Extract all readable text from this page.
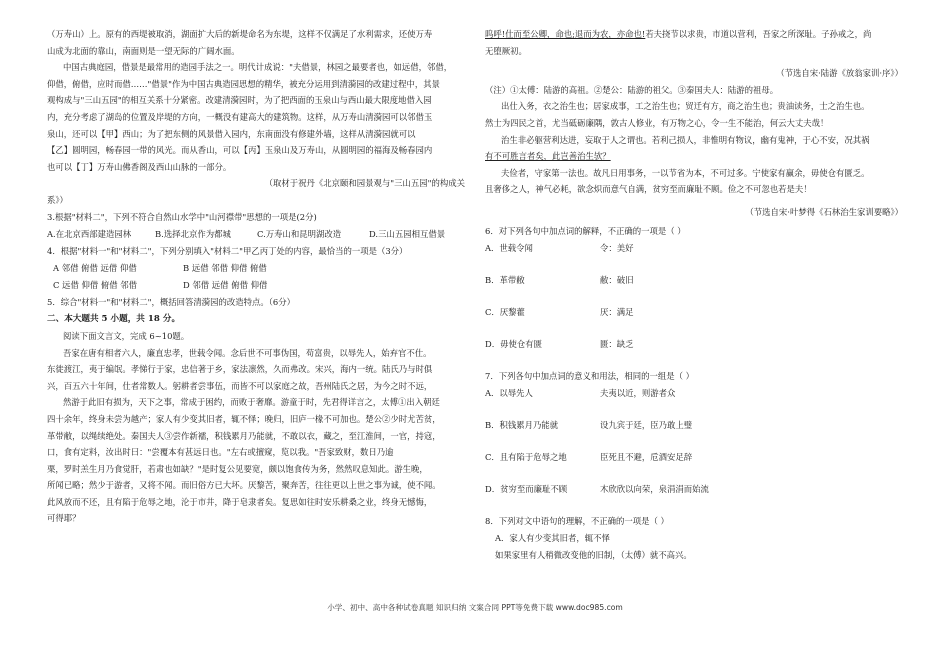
（万寿山）上。原有的西堤被取消，湖面扩大后的新堤命名为东堤，这样不仅满足了水利需求，还使万寿

山成为北面的靠山，南面则是一望无际的广阔水面。

中国古典庭园，借景是最常用的造园手法之一。明代计成说："夫借景，林园之最要者也，如远借，邻借，

仰借，俯借，应时而借……"借景"作为中国古典造园思想的精华，被充分运用到清漪园的改建过程中，其景

观构成与"三山五园"的相互关系十分紧密。改建清漪园时，为了把西面的玉泉山与西山最大限度地借入园

内，充分考虑了湖岛的位置及岸堤的方向，一概没有建高大的建筑物。这样，从万寿山清漪园可以邻借玉

泉山，还可以【甲】西山；为了把东侧的风景借入园内，东南面没有修建外墙，这样从清漪园就可以

【乙】圆明园，畅春园一带的风光。而从香山，可以【丙】玉泉山及万寿山，从圆明园的福海及畅春园内

也可以【丁】万寿山佛香阁及西山山脉的一部分。

（取材于祝丹《北京颐和园景观与"三山五园"的构成关

系》）

3.根据"材料二"，下列不符合自然山水学中"山河襟带"思想的一项是(2分)

A.在北京西部建造园林	B.选择北京作为都城	C.万寿山和昆明湖改造	D.三山五园相互借景

4．根据"材料一"和"材料二"，下列分别填入"材料二"甲乙丙丁处的内容，最恰当的一项是（3分）

A 邻借 俯借 远借 仰借	B 远借 邻借 仰借 俯借
C 远借 仰借 俯借 邻借	D 邻借 远借 俯借 仰借

5．综合"材料一"和"材料二"，概括回答清漪园的改造特点。（6分）

二、本大题共 5 小题，共 18 分。

阅读下面文言文，完成 6~10题。

吾家在唐有相者六人，廉直忠孝，世载令闻。念后世不可事伪国，苟富贵，以辱先人，始弃官不仕。

东徙渡江，夷于编氓。孝悌行于家，忠信著于乡，家法凛然，久而弗改。宋兴，海内一统。陆氏乃与时俱

兴，百五六十年间，仕者常数人。躬耕者尝事伍，而皆不可以家庭之故，吾州陆氏之居，为今之时不远，

然游于此旧有损为，天下之事，常成于困约，而败于奢靡。游童于时，先君得详言之，太傅①出入朝廷

四十余年，终身未尝为越产；家人有少变其旧者，辄不怿；晚归，旧庐一椽不可加也。楚公②少时尤苦贫，

革带敝，以绳续绝处。秦国夫人③尝作新襦，积钱累月乃能就，不敢以衣，藏之，至江淮间，一官，持寇，

口，食有定料，汝出时曰："尝覆本有甚远日也。"左右或擅窥，览以我。"吾家致财，数日乃逾

栗，罗时羔生月乃食觉肝，若肃也如缺？"是时复公见要宽，颇以饱食传为务，然然叹息知此。游生晚，

所闻已略；然少于游者，又将不闻。而旧俗方已大坏。厌黎苦，聚奔苦，往往更以上世之事为诚，使不闻。

此风放而不还，且有陷于危辱之地，沦于市井，降于皂隶者矣。复思如往时安乐耕桑之业，终身无憾悔，

可得耶？

呜呼!仕而至公卿，命也;退而为农，亦命也!若夫挠节以求贵，市道以营利，吾家之所深耻。子孙戒之，尚

无堕厥初。

（节选自宋·陆游《放翁家训·序》）

（注）①太傅：陆游的高祖。②楚公：陆游的祖父。③秦国夫人：陆游的祖母。

出仕入务，衣之治生也；居家成事，工之治生也；贸迁有方，商之治生也；贵油读务，士之治生也。

然士为四民之首，尤当砥砺廉隅，敦古人修业，有万物之心，令一生不能治，何云大丈夫哉！

治生非必躯营利达进，妄取于人之谓也。若利己损人，非惟明有物议，幽有鬼神，于心不安，况其祸

有不可胜言者矣，此岂善治生欤？

夫俭者，守家第一法也。故凡日用事务，一以节省为本，不可过多。宁使家有赢余，毋使仓有匮乏。

且奢侈之人，神气必耗，欲念炽而意气自满，贫穷至而廉耻不顾。俭之不可忽也若是夫！

（节选自宋·叶梦得《石林治生家训要略》）

6．对下列各句中加点词的解释，不正确的一项是（ ）

A．世载令闻	令：美好
B．革带敝	敝：破旧
C．厌黎藿	厌：满足
D．毋使仓有匮	匮：缺乏

7．下列各句中加点词的意义和用法，相同的一组是（ ）

A．以辱先人	夫夷以近，则游者众
B．积钱累月乃能就	设九宾于廷，臣乃敢上璧
C．且有陷于危辱之地	臣死且不避，卮酒安足辞
D．贫穷至而廉耻不顾	木欣欣以向荣，泉涓涓而始流

8．下列对文中语句的理解，不正确的一项是（ ）

A．家人有少变其旧者，辄不怿

如果家里有人稍微改变他的旧制，（太傅）就不高兴。

小学、初中、高中各种试卷真题 知识归纳 文案合同 PPT等免费下载 www.doc985.com
